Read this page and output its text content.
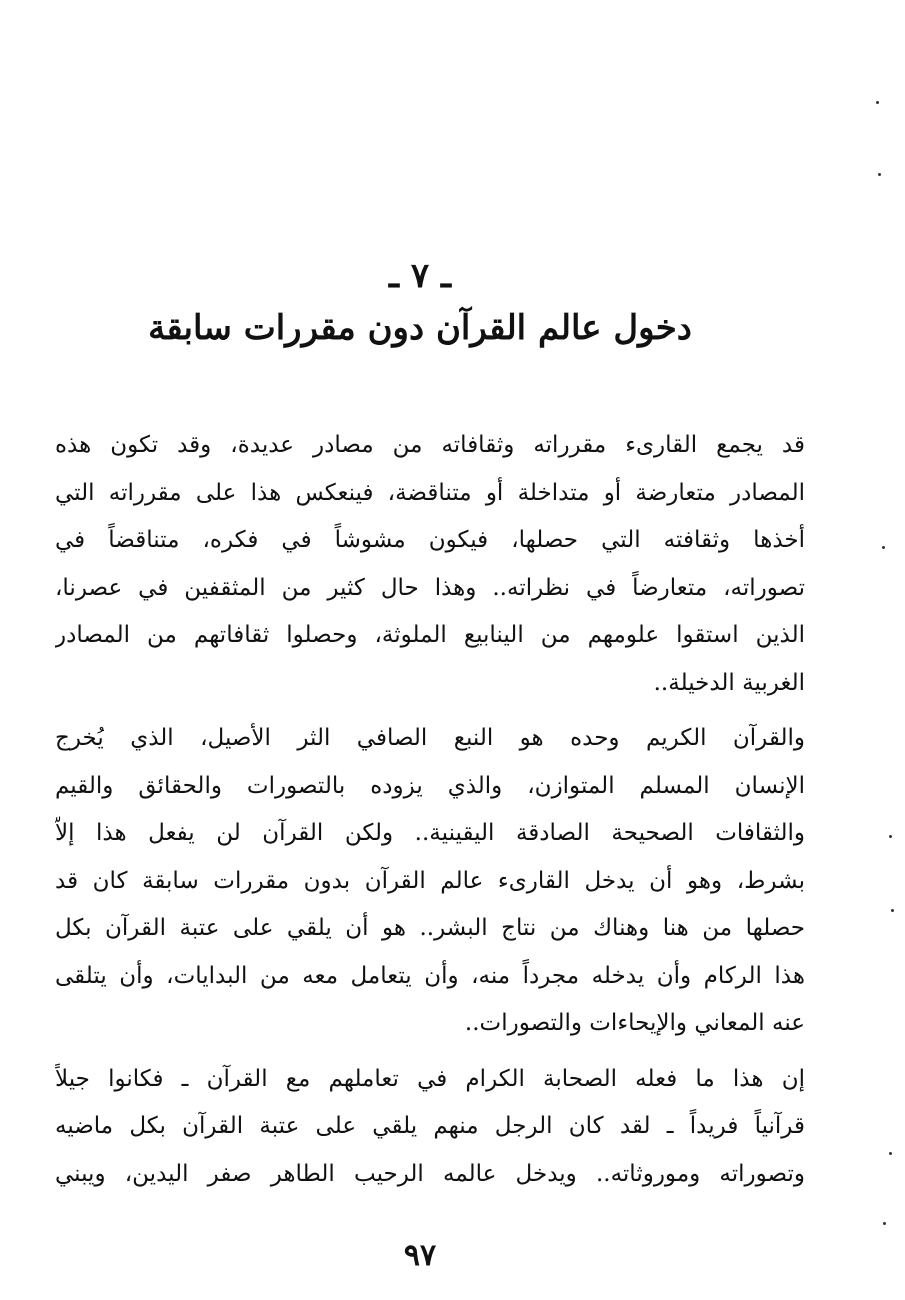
ـ ٧ ـ
دخول عالم القرآن دون مقررات سابقة
قد يجمع القارىء مقرراته وثقافاته من مصادر عديدة، وقد تكون هذه
المصادر متعارضة أو متداخلة أو متناقضة، فينعكس هذا على مقرراته التي
أخذها وثقافته التي حصلها، فيكون مشوشاً في فكره، متناقضاً في
تصوراته، متعارضاً في نظراته.. وهذا حال كثير من المثقفين في عصرنا،
الذين استقوا علومهم من الينابيع الملوثة، وحصلوا ثقافاتهم من المصادر
الغربية الدخيلة..
والقرآن الكريم وحده هو النبع الصافي الثر الأصيل، الذي يُخرج
الإنسان المسلم المتوازن، والذي يزوده بالتصورات والحقائق والقيم
والثقافات الصحيحة الصادقة اليقينية.. ولكن القرآن لن يفعل هذا إلاّ
بشرط، وهو أن يدخل القارىء عالم القرآن بدون مقررات سابقة كان قد
حصلها من هنا وهناك من نتاج البشر.. هو أن يلقي على عتبة القرآن بكل
هذا الركام وأن يدخله مجرداً منه، وأن يتعامل معه من البدايات، وأن يتلقى
عنه المعاني والإيحاءات والتصورات..
إن هذا ما فعله الصحابة الكرام في تعاملهم مع القرآن ـ فكانوا جيلاً
قرآنياً فريداً ـ لقد كان الرجل منهم يلقي على عتبة القرآن بكل ماضيه
وتصوراته وموروثاته.. ويدخل عالمه الرحيب الطاهر صفر اليدين، ويبني
٩٧
